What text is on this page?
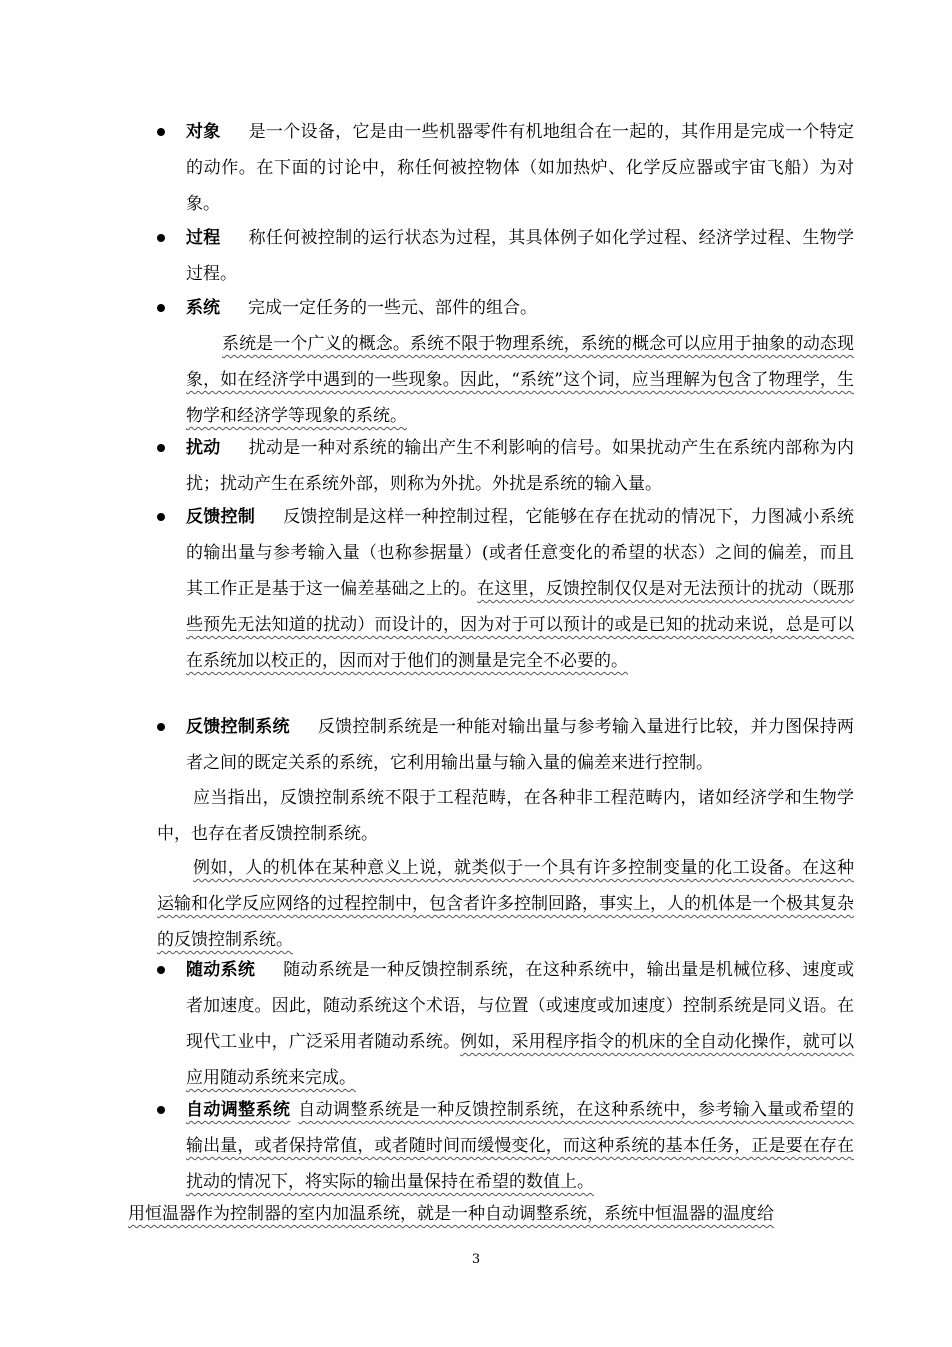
对象 是一个设备，它是由一些机器零件有机地组合在一起的，其作用是完成一个特定的动作。在下面的讨论中，称任何被控物体（如加热炉、化学反应器或宇宙飞船）为对象。
过程 称任何被控制的运行状态为过程，其具体例子如化学过程、经济学过程、生物学过程。
系统 完成一定任务的一些元、部件的组合。
系统是一个广义的概念。系统不限于物理系统，系统的概念可以应用于抽象的动态现象，如在经济学中遇到的一些现象。因此，“系统”这个词，应当理解为包含了物理学，生物学和经济学等现象的系统。
扰动 扰动是一种对系统的输出产生不利影响的信号。如果扰动产生在系统内部称为内扰；扰动产生在系统外部，则称为外扰。外扰是系统的输入量。
反馈控制 反馈控制是这样一种控制过程，它能够在存在扰动的情况下，力图减小系统的输出量与参考输入量（也称参据量）(或者任意变化的希望的状态）之间的偏差，而且其工作正是基于这一偏差基础之上的。在这里，反馈控制仅仅是对无法预计的扰动（既那些预先无法知道的扰动）而设计的，因为对于可以预计的或是已知的扰动来说，总是可以在系统加以校正的，因而对于他们的测量是完全不必要的。
反馈控制系统 反馈控制系统是一种能对输出量与参考输入量进行比较，并力图保持两者之间的既定关系的系统，它利用输出量与输入量的偏差来进行控制。
应当指出，反馈控制系统不限于工程范畴，在各种非工程范畴内，诸如经济学和生物学中，也存在者反馈控制系统。
例如，人的机体在某种意义上说，就类似于一个具有许多控制变量的化工设备。在这种运输和化学反应网络的过程控制中，包含者许多控制回路，事实上，人的机体是一个极其复杂的反馈控制系统。
随动系统 随动系统是一种反馈控制系统，在这种系统中，输出量是机械位移、速度或者加速度。因此，随动系统这个术语，与位置（或速度或加速度）控制系统是同义语。在现代工业中，广泛采用者随动系统。例如，采用程序指令的机床的全自动化操作，就可以应用随动系统来完成。
自动调整系统 自动调整系统是一种反馈控制系统，在这种系统中，参考输入量或希望的输出量，或者保持常值，或者随时间而缓慢变化，而这种系统的基本任务，正是要在存在扰动的情况下，将实际的输出量保持在希望的数值上。
用恒温器作为控制器的室内加温系统，就是一种自动调整系统，系统中恒温器的温度给
3
